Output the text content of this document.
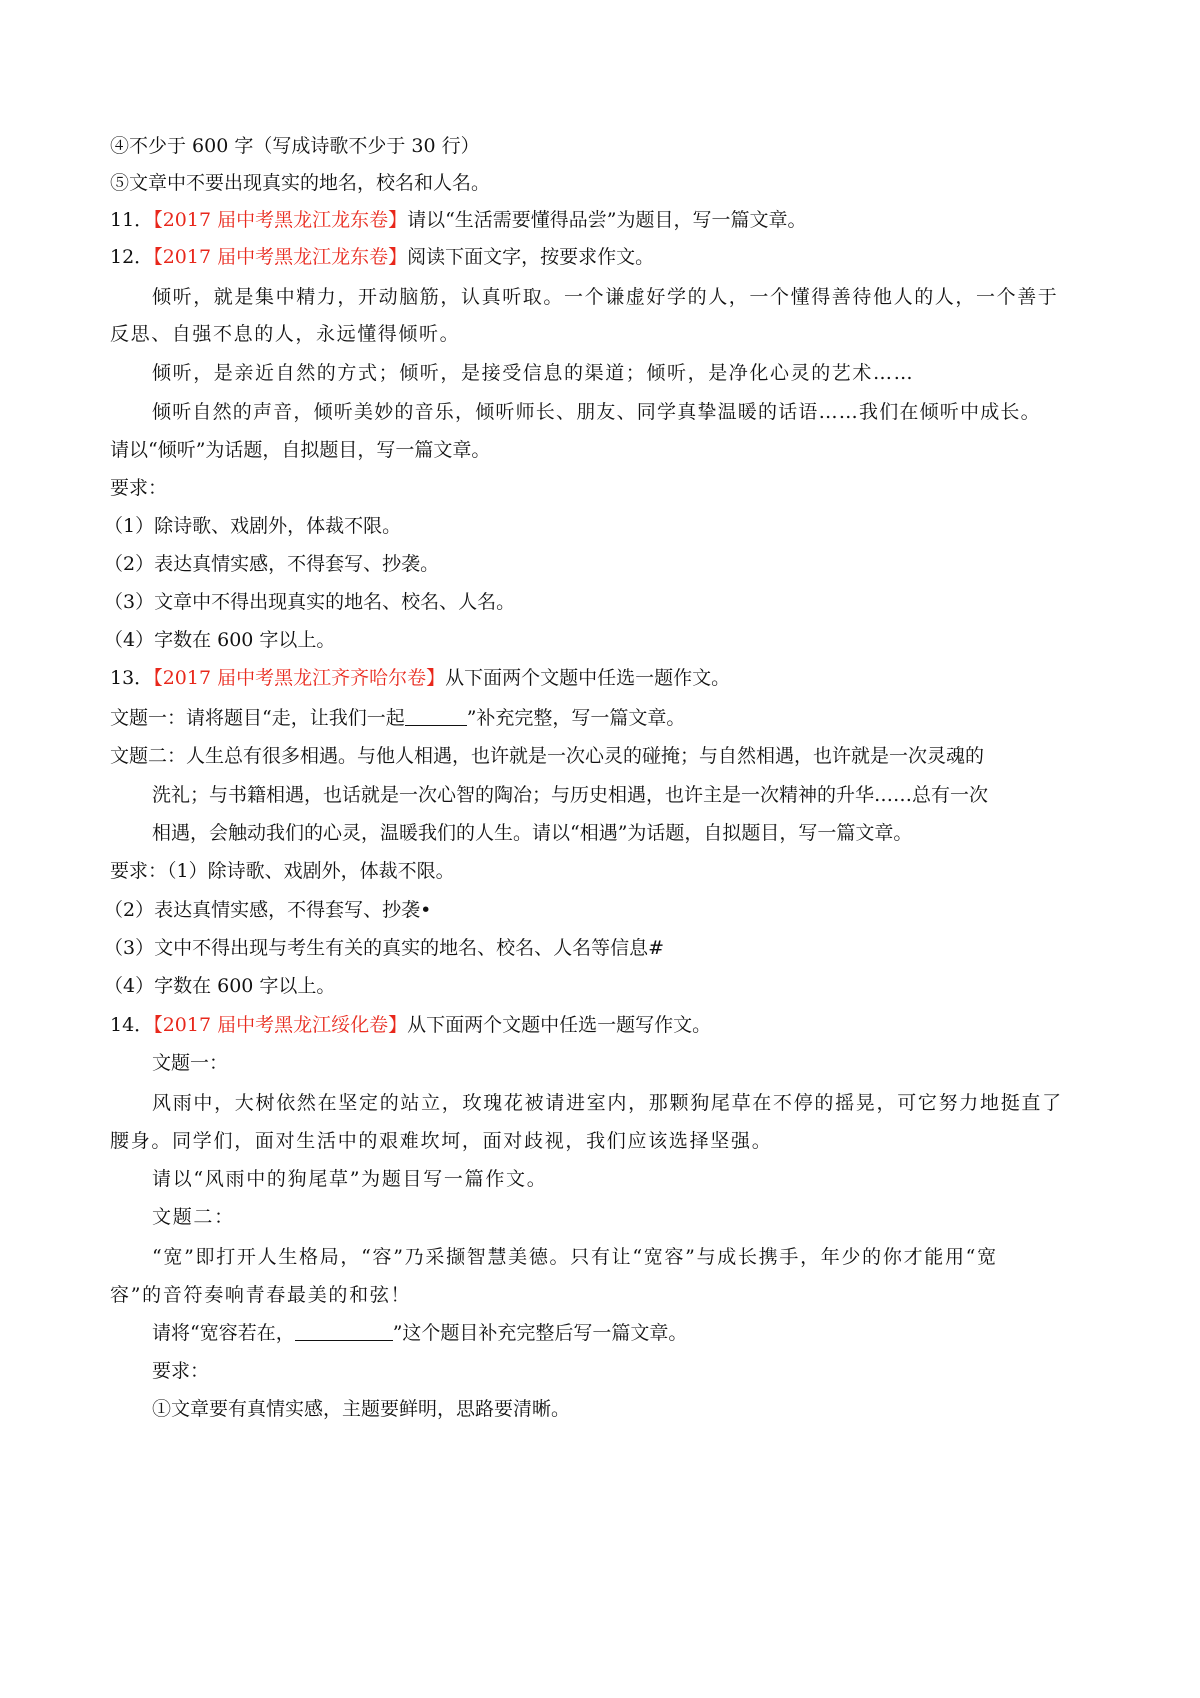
④不少于 600 字（写成诗歌不少于 30 行）
⑤文章中不要出现真实的地名，校名和人名。
11．【2017 届中考黑龙江龙东卷】请以“生活需要懂得品尝”为题目，写一篇文章。
12．【2017 届中考黑龙江龙东卷】阅读下面文字，按要求作文。
倾听，就是集中精力，开动脑筋，认真听取。一个谦虚好学的人，一个懂得善待他人的人，一个善于
反思、自强不息的人，永远懂得倾听。
倾听，是亲近自然的方式；倾听，是接受信息的渠道；倾听，是净化心灵的艺术……
倾听自然的声音，倾听美妙的音乐，倾听师长、朋友、同学真挚温暖的话语……我们在倾听中成长。
请以“倾听”为话题，自拟题目，写一篇文章。
要求：
（1）除诗歌、戏剧外，体裁不限。
（2）表达真情实感，不得套写、抄袭。
（3）文章中不得出现真实的地名、校名、人名。
（4）字数在 600 字以上。
13．【2017 届中考黑龙江齐齐哈尔卷】从下面两个文题中任选一题作文。
文题一：请将题目“走，让我们一起	”补充完整，写一篇文章。
文题二：人生总有很多相遇。与他人相遇，也许就是一次心灵的碰掩；与自然相遇，也许就是一次灵魂的
洗礼；与书籍相遇，也话就是一次心智的陶冶；与历史相遇，也许主是一次精神的升华……总有一次
相遇，会触动我们的心灵，温暖我们的人生。请以“相遇”为话题，自拟题目，写一篇文章。
要求：（1）除诗歌、戏剧外，体裁不限。
（2）表达真情实感，不得套写、抄袭•
（3）文中不得出现与考生有关的真实的地名、校名、人名等信息#
（4）字数在 600 字以上。
14．【2017 届中考黑龙江绥化卷】从下面两个文题中任选一题写作文。
文题一：
风雨中，大树依然在坚定的站立，玫瑰花被请进室内，那颗狗尾草在不停的摇晃，可它努力地挺直了
腰身。同学们，面对生活中的艰难坎坷，面对歧视，我们应该选择坚强。
请以“风雨中的狗尾草”为题目写一篇作文。
文题二：
“宽”即打开人生格局，“容”乃采撷智慧美德。只有让“宽容”与成长携手，年少的你才能用“宽
容”的音符奏响青春最美的和弦！
请将“宽容若在，	”这个题目补充完整后写一篇文章。
要求：
①文章要有真情实感，主题要鲜明，思路要清晰。
